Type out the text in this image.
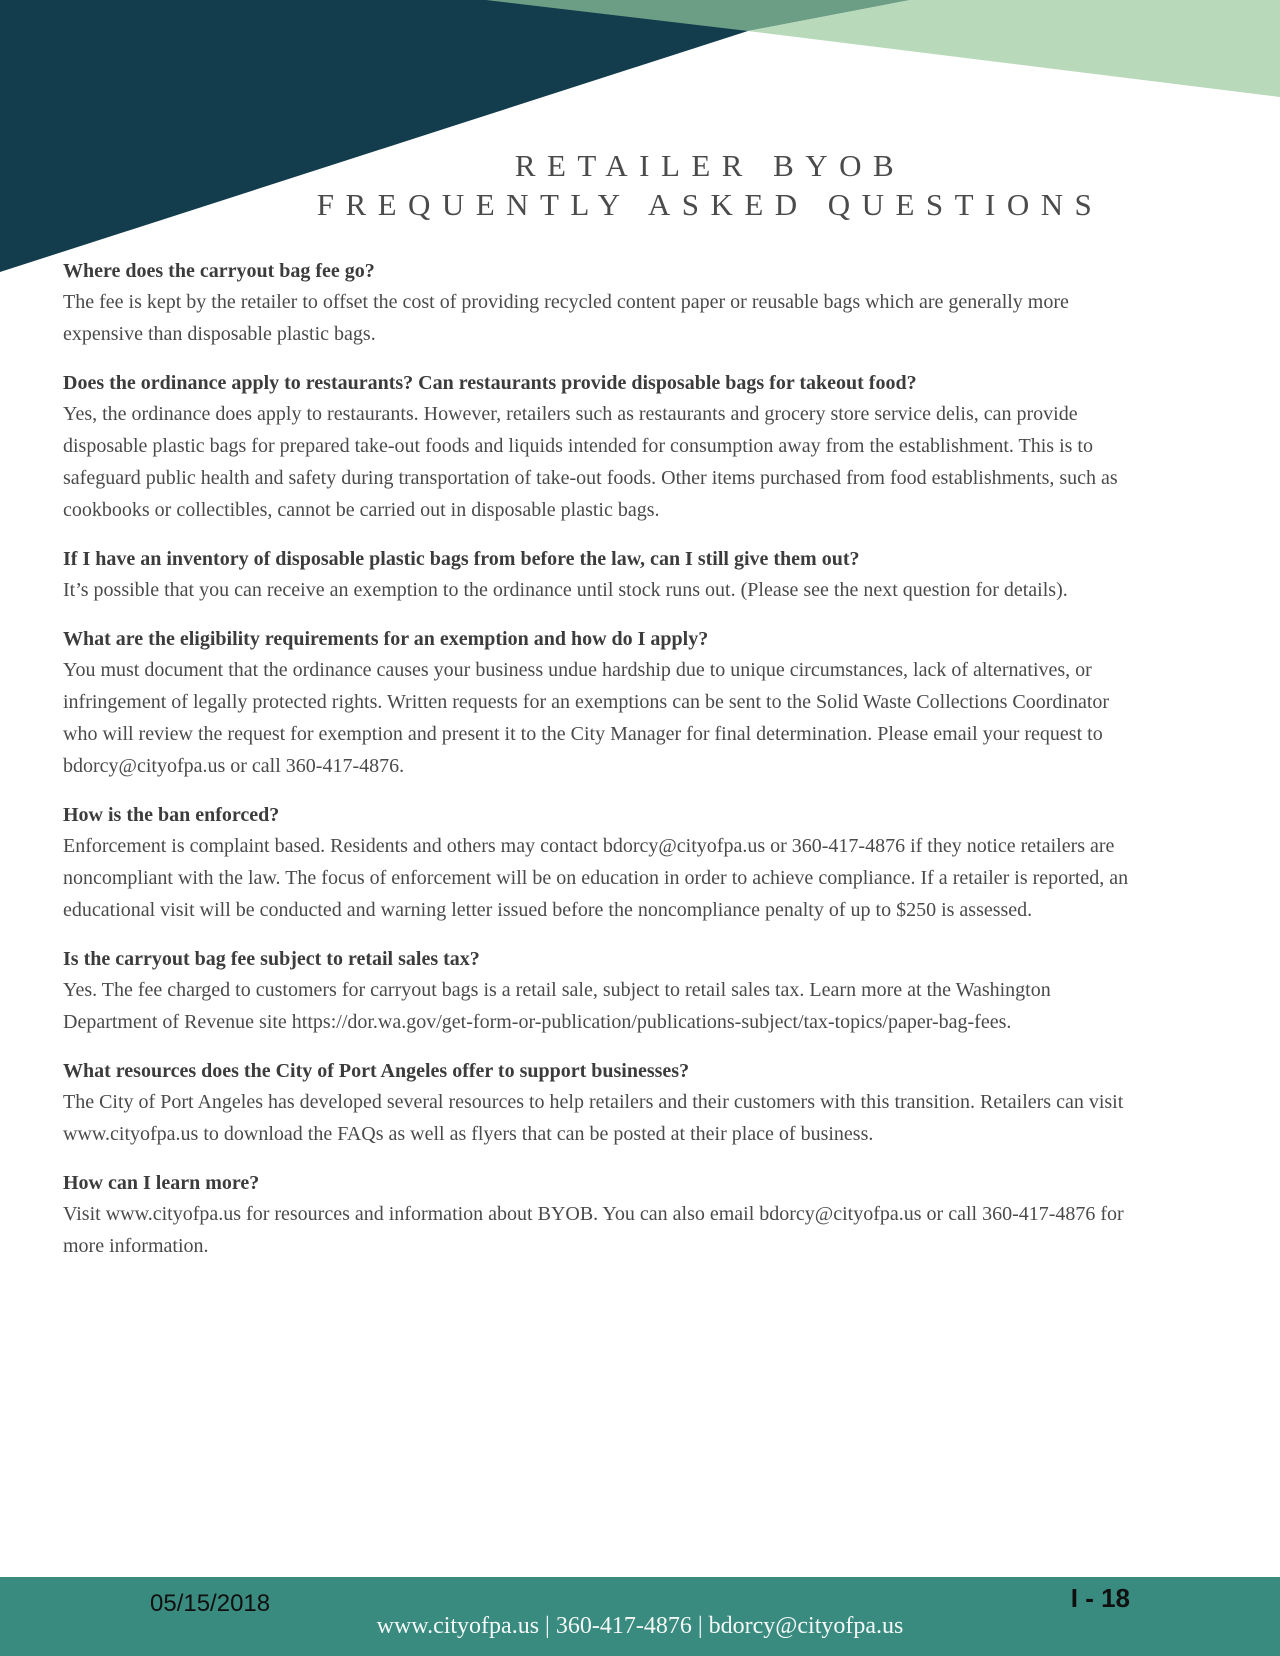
RETAILER BYOB
FREQUENTLY ASKED QUESTIONS
Where does the carryout bag fee go?

The fee is kept by the retailer to offset the cost of providing recycled content paper or reusable bags which are generally more expensive than disposable plastic bags.

Does the ordinance apply to restaurants? Can restaurants provide disposable bags for takeout food?

Yes, the ordinance does apply to restaurants. However, retailers such as restaurants and grocery store service delis, can provide disposable plastic bags for prepared take-out foods and liquids intended for consumption away from the establishment. This is to safeguard public health and safety during transportation of take-out foods. Other items purchased from food establishments, such as cookbooks or collectibles, cannot be carried out in disposable plastic bags.

If I have an inventory of disposable plastic bags from before the law, can I still give them out?

It’s possible that you can receive an exemption to the ordinance until stock runs out. (Please see the next question for details).

What are the eligibility requirements for an exemption and how do I apply?

You must document that the ordinance causes your business undue hardship due to unique circumstances, lack of alternatives, or infringement of legally protected rights. Written requests for an exemptions can be sent to the Solid Waste Collections Coordinator who will review the request for exemption and present it to the City Manager for final determination. Please email your request to bdorcy@cityofpa.us or call 360-417-4876.

How is the ban enforced?

Enforcement is complaint based. Residents and others may contact bdorcy@cityofpa.us or 360-417-4876 if they notice retailers are noncompliant with the law. The focus of enforcement will be on education in order to achieve compliance. If a retailer is reported, an educational visit will be conducted and warning letter issued before the noncompliance penalty of up to $250 is assessed.

Is the carryout bag fee subject to retail sales tax?

Yes. The fee charged to customers for carryout bags is a retail sale, subject to retail sales tax. Learn more at the Washington Department of Revenue site https://dor.wa.gov/get-form-or-publication/publications-subject/tax-topics/paper-bag-fees.

What resources does the City of Port Angeles offer to support businesses?

The City of Port Angeles has developed several resources to help retailers and their customers with this transition. Retailers can visit www.cityofpa.us to download the FAQs as well as flyers that can be posted at their place of business.

How can I learn more?

Visit www.cityofpa.us for resources and information about BYOB. You can also email bdorcy@cityofpa.us or call 360-417-4876 for more information.

05/15/2018	I - 18
www.cityofpa.us | 360-417-4876 | bdorcy@cityofpa.us
